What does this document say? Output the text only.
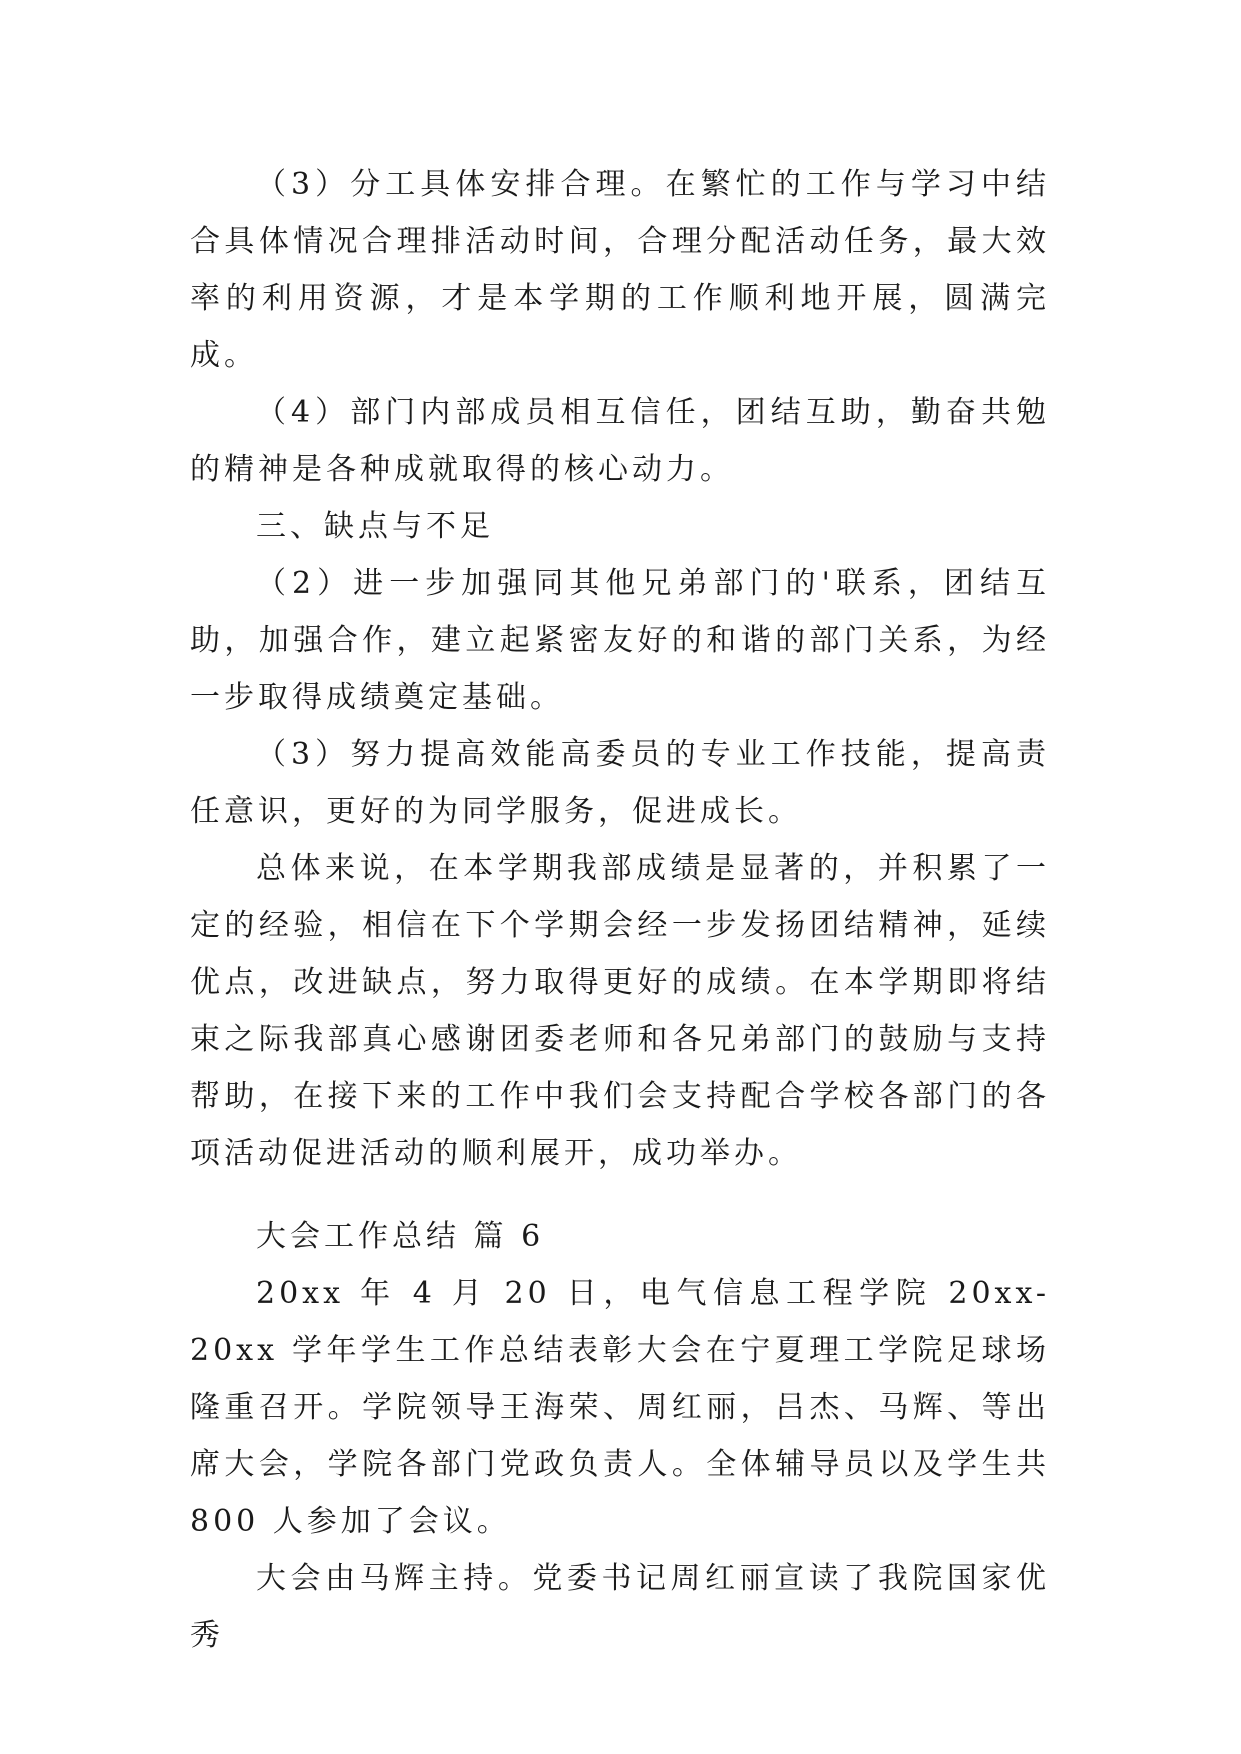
（3）分工具体安排合理。在繁忙的工作与学习中结合具体情况合理排活动时间，合理分配活动任务，最大效率的利用资源，才是本学期的工作顺利地开展，圆满完成。

（4）部门内部成员相互信任，团结互助，勤奋共勉的精神是各种成就取得的核心动力。

三、缺点与不足

（2）进一步加强同其他兄弟部门的'联系，团结互助，加强合作，建立起紧密友好的和谐的部门关系，为经一步取得成绩奠定基础。

（3）努力提高效能高委员的专业工作技能，提高责任意识，更好的为同学服务，促进成长。

总体来说，在本学期我部成绩是显著的，并积累了一定的经验，相信在下个学期会经一步发扬团结精神，延续优点，改进缺点，努力取得更好的成绩。在本学期即将结束之际我部真心感谢团委老师和各兄弟部门的鼓励与支持帮助，在接下来的工作中我们会支持配合学校各部门的各项活动促进活动的顺利展开，成功举办。

大会工作总结 篇 6

20xx 年 4 月 20 日，电气信息工程学院 20xx-20xx 学年学生工作总结表彰大会在宁夏理工学院足球场隆重召开。学院领导王海荣、周红丽，吕杰、马辉、等出席大会，学院各部门党政负责人。全体辅导员以及学生共 800 人参加了会议。

大会由马辉主持。党委书记周红丽宣读了我院国家优秀
